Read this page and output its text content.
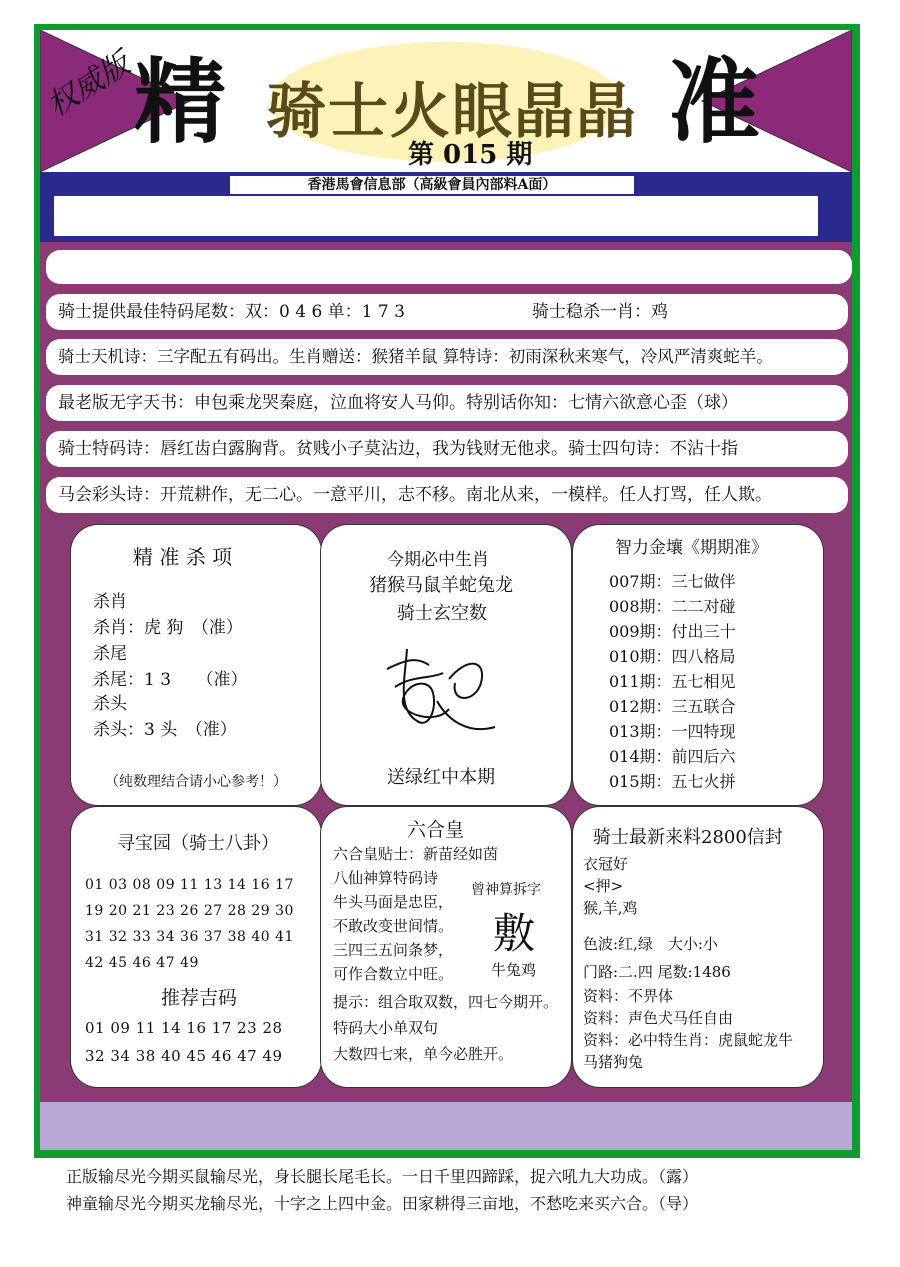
权威版
精 骑士火眼晶晶
第 015 期 准
香港馬會信息部（高級會員內部料A面）
骑士提供最佳特码尾数：双：0 4 6 单：1 7 3	骑士稳杀一肖：鸡
骑士天机诗：三字配五有码出。生肖赠送：猴猪羊鼠 算特诗：初雨深秋来寒气，冷风严清爽蛇羊。
最老版无字天书：申包乘龙哭秦庭，泣血将安人马仰。特别话你知：七情六欲意心歪（球）
骑士特码诗：唇红齿白露胸背。贫贱小子莫沾边，我为钱财无他求。骑士四句诗：不沾十指
马会彩头诗：开荒耕作，无二心。一意平川，志不移。南北从来，一模样。任人打骂，任人欺。
精 准 杀 项
杀肖
杀肖：虎 狗　（准）
杀尾
杀尾：1 3　　（准）
杀头
杀头：3 头　（准）
（纯数理结合请小心参考！）
今期必中生肖
猪猴马鼠羊蛇兔龙
骑士玄空数
送绿红中本期
智力金壤《期期准》
007期：三七做伴
008期：二二对碰
009期：付出三十
010期：四八格局
011期：五七相见
012期：三五联合
013期：一四特现
014期：前四后六
015期：五七火拼
寻宝园（骑士八卦）
01 03 08 09 11 13 14 16 17
19 20 21 23 26 27 28 29 30
31 32 33 34 36 37 38 40 41
42 45 46 47 49
推荐吉码
01 09 11 14 16 17 23 28
32 34 38 40 45 46 47 49
六合皇
六合皇贴士：新苗经如茵
八仙神算特码诗
牛头马面是忠臣，
不敢改变世间情。
三四三五问条梦，
可作合数立中旺。
曾神算拆字
敷
牛兔鸡
提示：组合取双数，四七今期开。
特码大小单双句
大数四七来，单今必胜开。
骑士最新来料2800信封
衣冠好
<押>
猴,羊,鸡
色波:红,绿　大小:小
门路:二.四 尾数:1486
资料：不畀体
资料：声色犬马任自由
资料：必中特生肖：虎鼠蛇龙牛
马猪狗兔
正版输尽光今期买鼠输尽光，身长腿长尾毛长。一日千里四蹄踩，捉六吼九大功成。（露）
神童输尽光今期买龙输尽光，十字之上四中金。田家耕得三亩地，不愁吃来买六合。（导）
